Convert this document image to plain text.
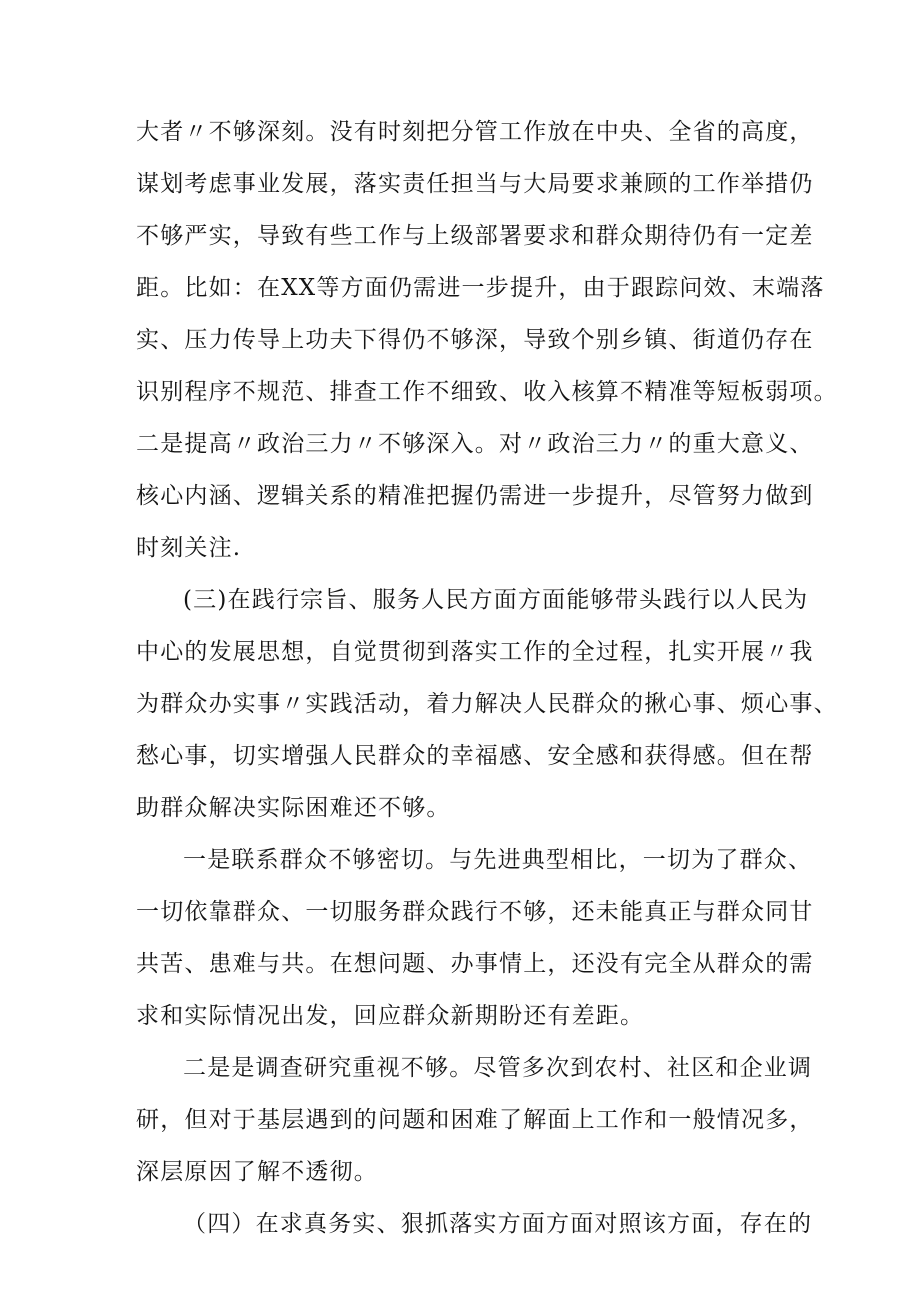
大者〃不够深刻。没有时刻把分管工作放在中央、全省的高度，
谋划考虑事业发展，落实责任担当与大局要求兼顾的工作举措仍
不够严实，导致有些工作与上级部署要求和群众期待仍有一定差
距。比如：在XX等方面仍需进一步提升，由于跟踪问效、末端落
实、压力传导上功夫下得仍不够深，导致个别乡镇、街道仍存在
识别程序不规范、排查工作不细致、收入核算不精准等短板弱项。
二是提高〃政治三力〃不够深入。对〃政治三力〃的重大意义、
核心内涵、逻辑关系的精准把握仍需进一步提升，尽管努力做到
时刻关注.
(三)在践行宗旨、服务人民方面方面能够带头践行以人民为
中心的发展思想，自觉贯彻到落实工作的全过程，扎实开展〃我
为群众办实事〃实践活动，着力解决人民群众的揪心事、烦心事、
愁心事，切实增强人民群众的幸福感、安全感和获得感。但在帮
助群众解决实际困难还不够。
一是联系群众不够密切。与先进典型相比，一切为了群众、
一切依靠群众、一切服务群众践行不够，还未能真正与群众同甘
共苦、患难与共。在想问题、办事情上，还没有完全从群众的需
求和实际情况出发，回应群众新期盼还有差距。
二是是调查研究重视不够。尽管多次到农村、社区和企业调
研，但对于基层遇到的问题和困难了解面上工作和一般情况多，
深层原因了解不透彻。
（四）在求真务实、狠抓落实方面方面对照该方面，存在的
